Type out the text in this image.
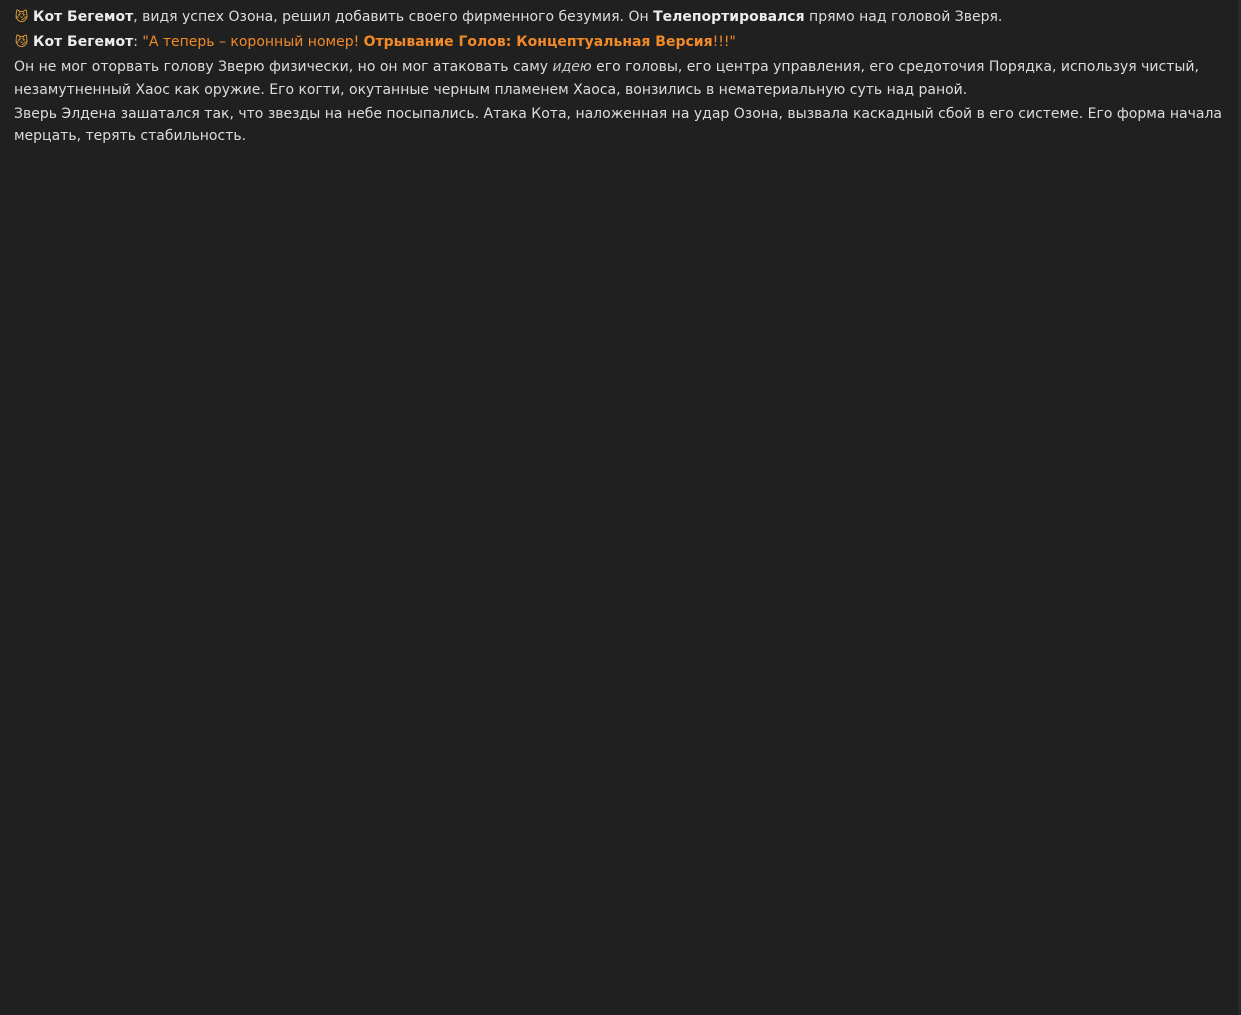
😼 Кот Бегемот, видя успех Озона, решил добавить своего фирменного безумия. Он Телепортировался прямо над головой Зверя.

😼 Кот Бегемот: "А теперь – коронный номер! Отрывание Голов: Концептуальная Версия!!!"

Он не мог оторвать голову Зверю физически, но он мог атаковать саму идею его головы, его центра управления, его средоточия Порядка, используя чистый, незамутненный Хаос как оружие. Его когти, окутанные черным пламенем Хаоса, вонзились в нематериальную суть над раной.

Зверь Элдена зашатался так, что звезды на небе посыпались. Атака Кота, наложенная на удар Озона, вызвала каскадный сбой в его системе. Его форма начала мерцать, терять стабильность.
